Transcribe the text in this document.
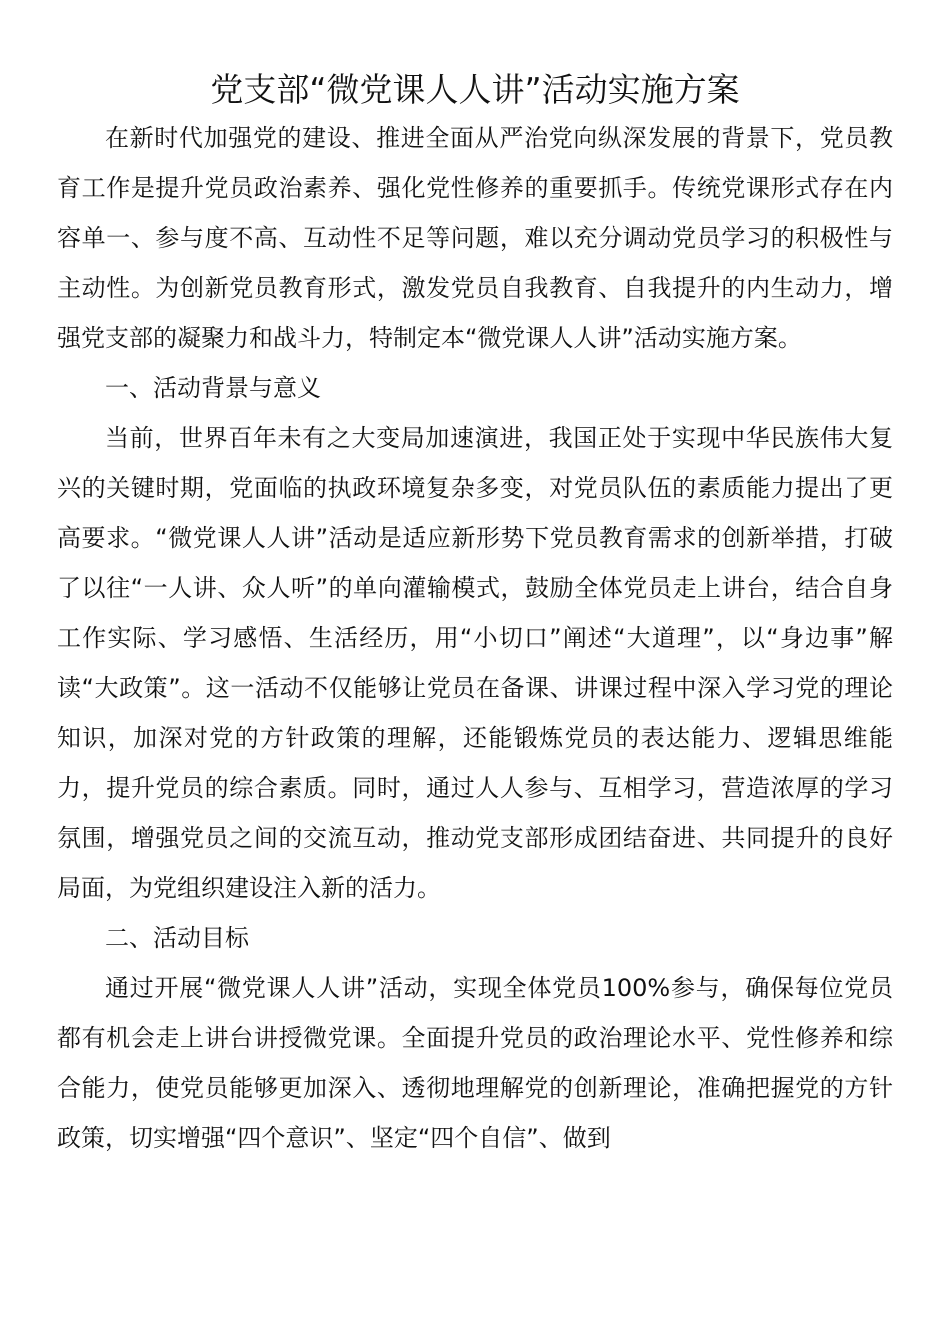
党支部“微党课人人讲”活动实施方案

在新时代加强党的建设、推进全面从严治党向纵深发展的背景下，党员教育工作是提升党员政治素养、强化党性修养的重要抓手。传统党课形式存在内容单一、参与度不高、互动性不足等问题，难以充分调动党员学习的积极性与主动性。为创新党员教育形式，激发党员自我教育、自我提升的内生动力，增强党支部的凝聚力和战斗力，特制定本“微党课人人讲”活动实施方案。

一、活动背景与意义

当前，世界百年未有之大变局加速演进，我国正处于实现中华民族伟大复兴的关键时期，党面临的执政环境复杂多变，对党员队伍的素质能力提出了更高要求。“微党课人人讲”活动是适应新形势下党员教育需求的创新举措，打破了以往“一人讲、众人听”的单向灌输模式，鼓励全体党员走上讲台，结合自身工作实际、学习感悟、生活经历，用“小切口”阐述“大道理”，以“身边事”解读“大政策”。这一活动不仅能够让党员在备课、讲课过程中深入学习党的理论知识，加深对党的方针政策的理解，还能锻炼党员的表达能力、逻辑思维能力，提升党员的综合素质。同时，通过人人参与、互相学习，营造浓厚的学习氛围，增强党员之间的交流互动，推动党支部形成团结奋进、共同提升的良好局面，为党组织建设注入新的活力。

二、活动目标

通过开展“微党课人人讲”活动，实现全体党员100%参与，确保每位党员都有机会走上讲台讲授微党课。全面提升党员的政治理论水平、党性修养和综合能力，使党员能够更加深入、透彻地理解党的创新理论，准确把握党的方针政策，切实增强“四个意识”、坚定“四个自信”、做到
